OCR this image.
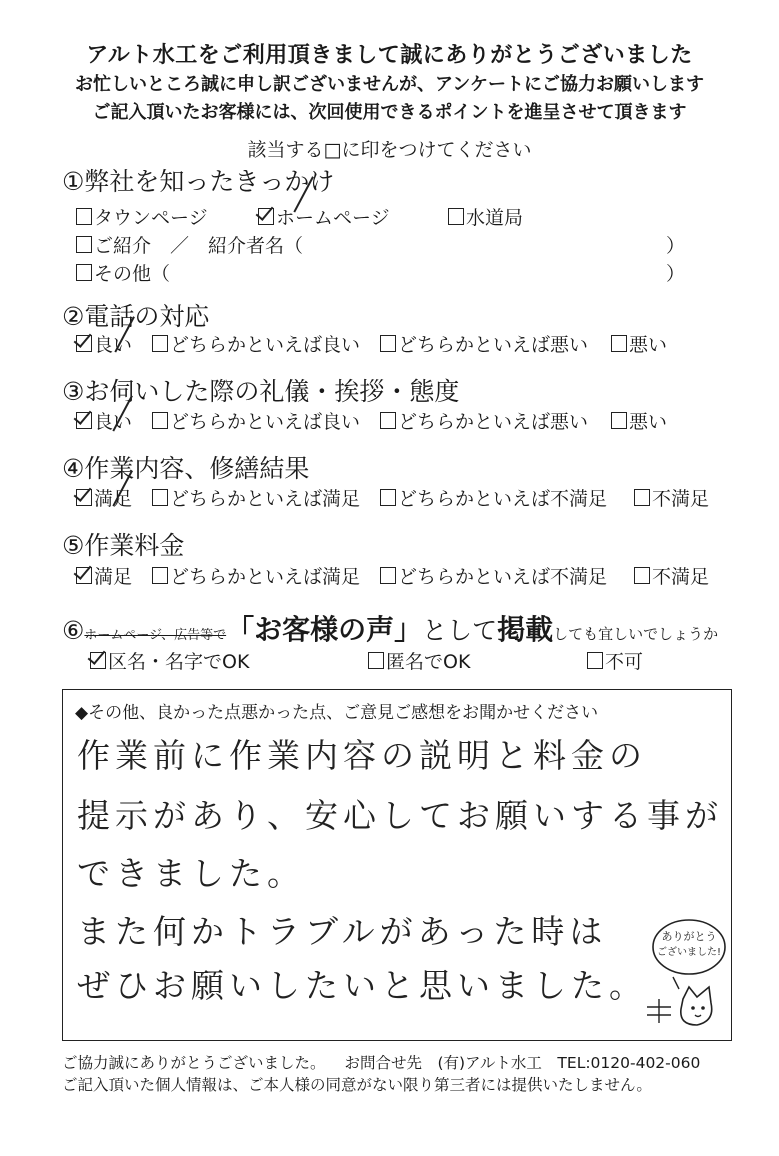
アルト水工をご利用頂きまして誠にありがとうございました
お忙しいところ誠に申し訳ございませんが、アンケートにご協力お願いします
ご記入頂いたお客様には、次回使用できるポイントを進呈させて頂きます
該当する□に印をつけてください
①弊社を知ったきっかけ
タウンページ	ホームページ	水道局
ご紹介　／　紹介者名（	）
その他（	）
②電話の対応
良い	どちらかといえば良い	どちらかといえば悪い	悪い
③お伺いした際の礼儀・挨拶・態度
良い	どちらかといえば良い	どちらかといえば悪い	悪い
④作業内容、修繕結果
満足	どちらかといえば満足	どちらかといえば不満足	不満足
⑤作業料金
満足	どちらかといえば満足	どちらかといえば不満足	不満足
⑥ホームページ、広告等で「お客様の声」として掲載しても宜しいでしょうか
区名・名字でOK	匿名でOK	不可
◆その他、良かった点悪かった点、ご意見ご感想をお聞かせください
作業前に作業内容の説明と料金の
提示があり、安心してお願いする事が
できました。
また何かトラブルがあった時は
ぜひお願いしたいと思いました。
ありがとう
ございました!
ご協力誠にありがとうございました。 お問合せ先　(有)アルト水工　TEL:0120-402-060
ご記入頂いた個人情報は、ご本人様の同意がない限り第三者には提供いたしません。
